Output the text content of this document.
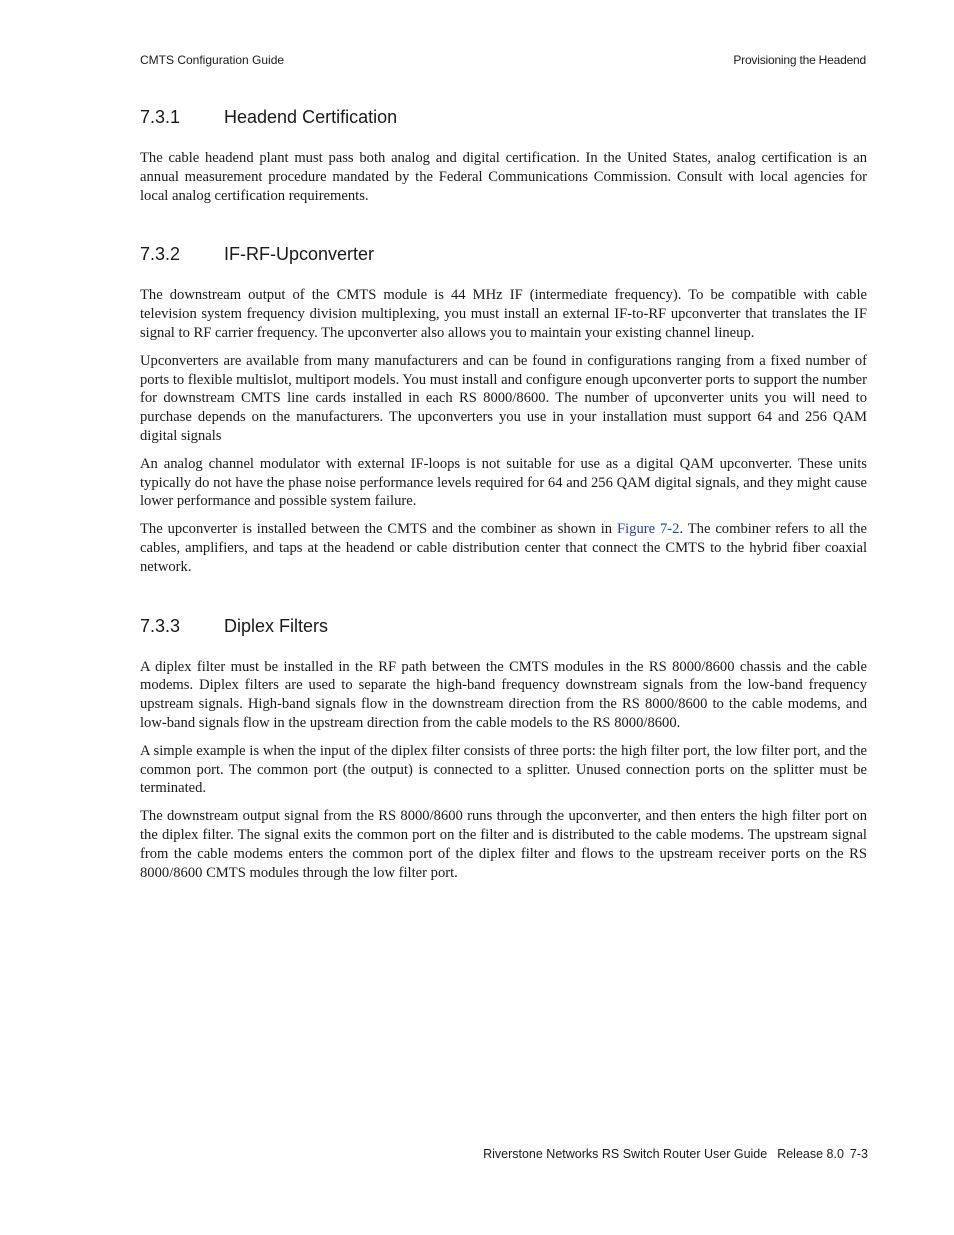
CMTS Configuration Guide	Provisioning the Headend
7.3.1 Headend Certification

The cable headend plant must pass both analog and digital certification. In the United States, analog certification is an annual measurement procedure mandated by the Federal Communications Commission. Consult with local agencies for local analog certification requirements.

7.3.2 IF-RF-Upconverter

The downstream output of the CMTS module is 44 MHz IF (intermediate frequency). To be compatible with cable television system frequency division multiplexing, you must install an external IF-to-RF upconverter that translates the IF signal to RF carrier frequency. The upconverter also allows you to maintain your existing channel lineup.

Upconverters are available from many manufacturers and can be found in configurations ranging from a fixed number of ports to flexible multislot, multiport models. You must install and configure enough upconverter ports to support the number for downstream CMTS line cards installed in each RS 8000/8600. The number of upconverter units you will need to purchase depends on the manufacturers. The upconverters you use in your installation must support 64 and 256 QAM digital signals

An analog channel modulator with external IF-loops is not suitable for use as a digital QAM upconverter. These units typically do not have the phase noise performance levels required for 64 and 256 QAM digital signals, and they might cause lower performance and possible system failure.

The upconverter is installed between the CMTS and the combiner as shown in Figure 7-2. The combiner refers to all the cables, amplifiers, and taps at the headend or cable distribution center that connect the CMTS to the hybrid fiber coaxial network.

7.3.3 Diplex Filters

A diplex filter must be installed in the RF path between the CMTS modules in the RS 8000/8600 chassis and the cable modems. Diplex filters are used to separate the high-band frequency downstream signals from the low-band frequency upstream signals. High-band signals flow in the downstream direction from the RS 8000/8600 to the cable modems, and low-band signals flow in the upstream direction from the cable models to the RS 8000/8600.

A simple example is when the input of the diplex filter consists of three ports: the high filter port, the low filter port, and the common port. The common port (the output) is connected to a splitter. Unused connection ports on the splitter must be terminated.

The downstream output signal from the RS 8000/8600 runs through the upconverter, and then enters the high filter port on the diplex filter. The signal exits the common port on the filter and is distributed to the cable modems. The upstream signal from the cable modems enters the common port of the diplex filter and flows to the upstream receiver ports on the RS 8000/8600 CMTS modules through the low filter port.

Riverstone Networks RS Switch Router User Guide Release 8.0 7-3
